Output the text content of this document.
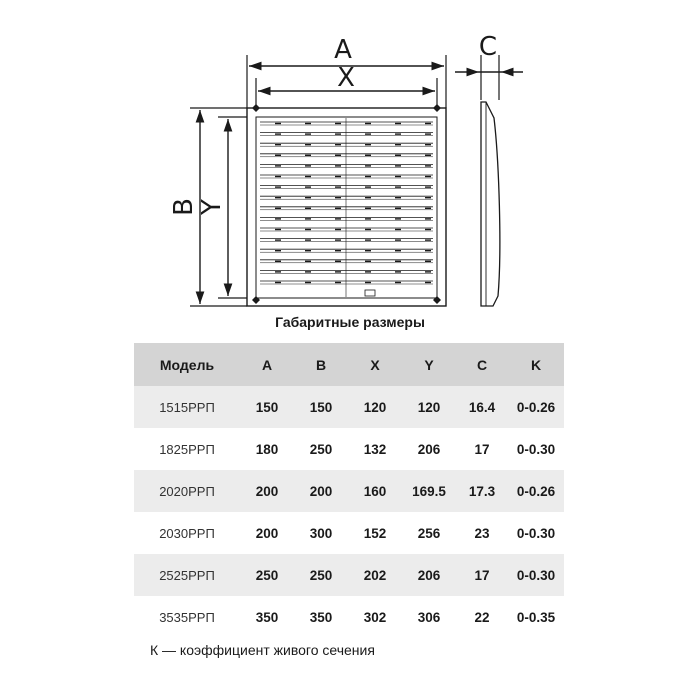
A
X
C
B
Y
Габаритные размеры
Модель	A	B	X	Y	C	K
1515РРП	150	150	120	120	16.4	0-0.26
1825РРП	180	250	132	206	17	0-0.30
2020РРП	200	200	160	169.5	17.3	0-0.26
2030РРП	200	300	152	256	23	0-0.30
2525РРП	250	250	202	206	17	0-0.30
3535РРП	350	350	302	306	22	0-0.35
К — коэффициент живого сечения
